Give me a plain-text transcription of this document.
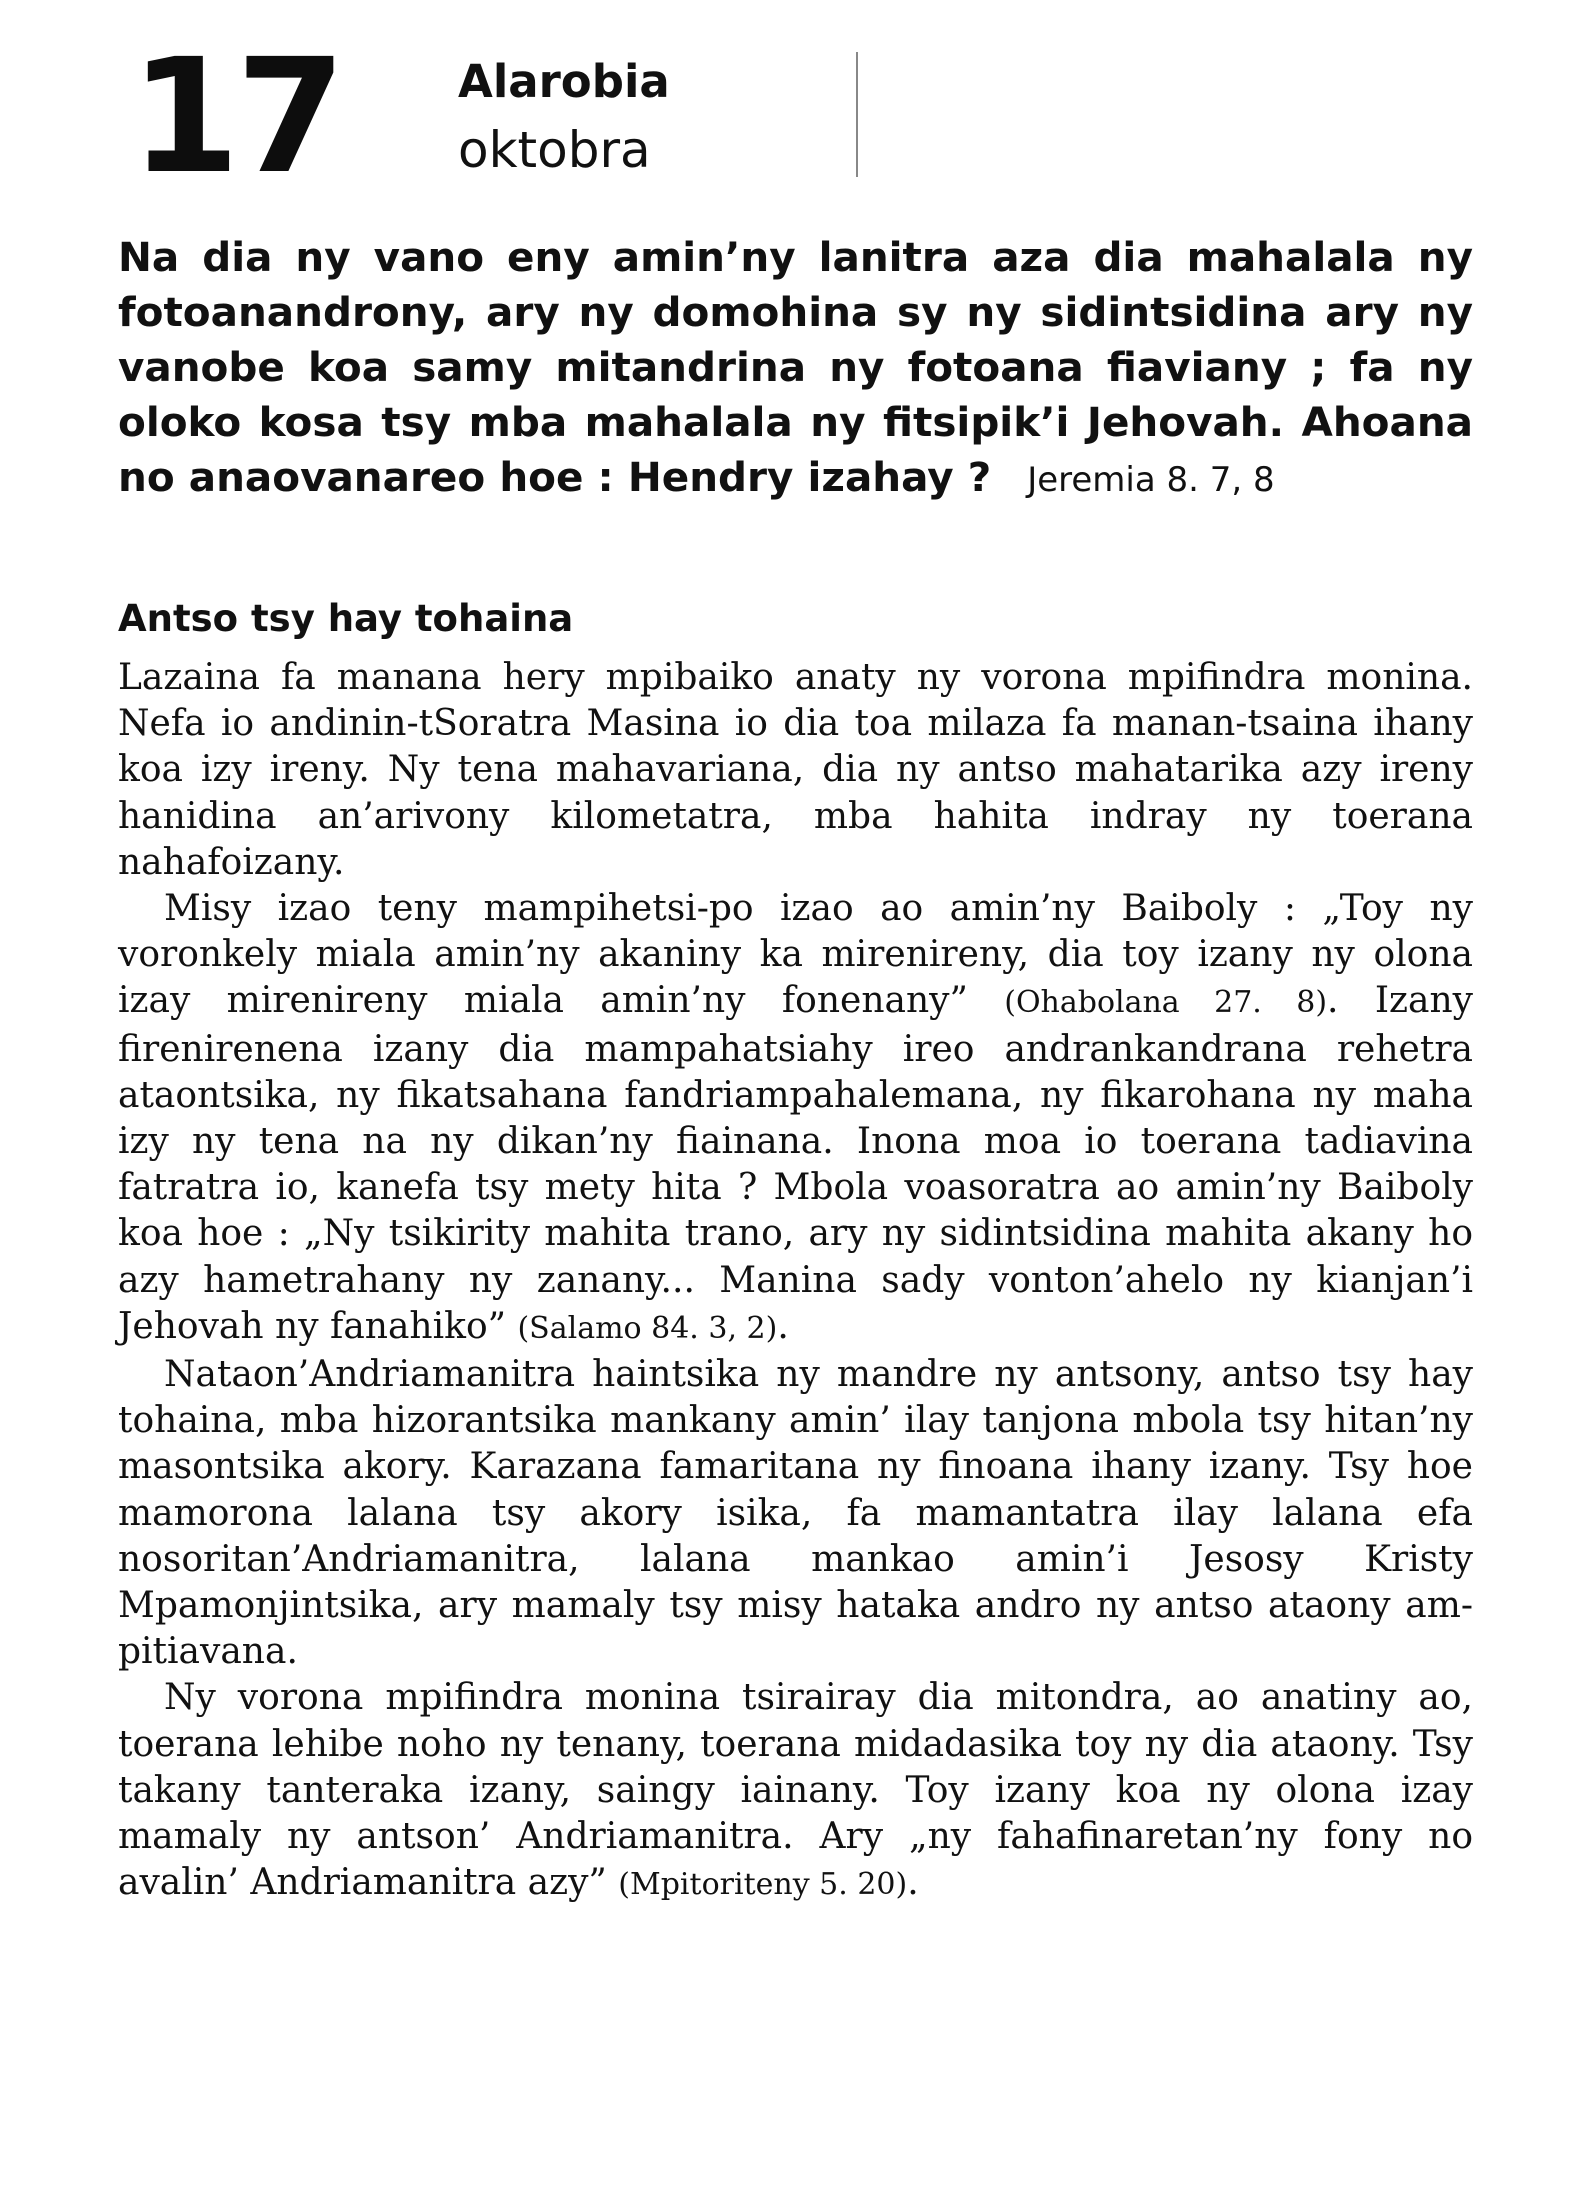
17	Alarobia
oktobra
Na dia ny vano eny amin’ny lanitra aza dia mahalala ny fotoanandrony, ary ny domohina sy ny sidintsidina ary ny vanobe koa samy mitandrina ny fotoana fiaviany ; fa ny oloko kosa tsy mba mahalala ny fitsipik’i Jehovah. Ahoana no anaovanareo hoe : Hendry izahay ? Jeremia 8. 7, 8
Antso tsy hay tohaina

Lazaina fa manana hery mpibaiko anaty ny vorona mpifindra monina. Nefa io andinin-tSoratra Masina io dia toa milaza fa manan-tsaina ihany koa izy ireny. Ny tena mahavariana, dia ny antso mahatarika azy ireny hanidina an’arivony kilometatra, mba hahita indray ny toerana nahafoizany.

Misy izao teny mampihetsi-po izao ao amin’ny Baiboly : „Toy ny voronkely miala amin’ny akaniny ka mirenireny, dia toy izany ny olona izay mirenireny miala amin’ny fonenany” (Ohabolana 27. 8). Izany firenirenena izany dia mampahatsiahy ireo andrankandrana rehetra ataontsika, ny fikatsahana fandriampahalemana, ny fikarohana ny maha izy ny tena na ny dikan’ny fiainana. Inona moa io toerana tadiavina fatratra io, kanefa tsy mety hita ? Mbola voasoratra ao amin’ny Baiboly koa hoe : „Ny tsikirity mahita trano, ary ny sidintsidina mahita akany ho azy hametrahany ny zanany... Manina sady vonton’ahelo ny kianjan’i Jehovah ny fanahiko” (Salamo 84. 3, 2).

Nataon’Andriamanitra haintsika ny mandre ny antsony, antso tsy hay tohaina, mba hizorantsika mankany amin’ ilay tanjona mbola tsy hitan’ny masontsika akory. Karazana famaritana ny finoana ihany izany. Tsy hoe mamorona lalana tsy akory isika, fa mamantatra ilay lalana efa nosoritan’Andriamanitra, lalana mankao amin’i Jesosy Kristy Mpamonjintsika, ary mamaly tsy misy hataka andro ny antso ataony am-pitiavana.

Ny vorona mpifindra monina tsirairay dia mitondra, ao anatiny ao, toerana lehibe noho ny tenany, toerana midadasika toy ny dia ataony. Tsy takany tanteraka izany, saingy iainany. Toy izany koa ny olona izay mamaly ny antson’ Andriamanitra. Ary „ny fahafinaretan’ny fony no avalin’ Andriamanitra azy” (Mpitoriteny 5. 20).
